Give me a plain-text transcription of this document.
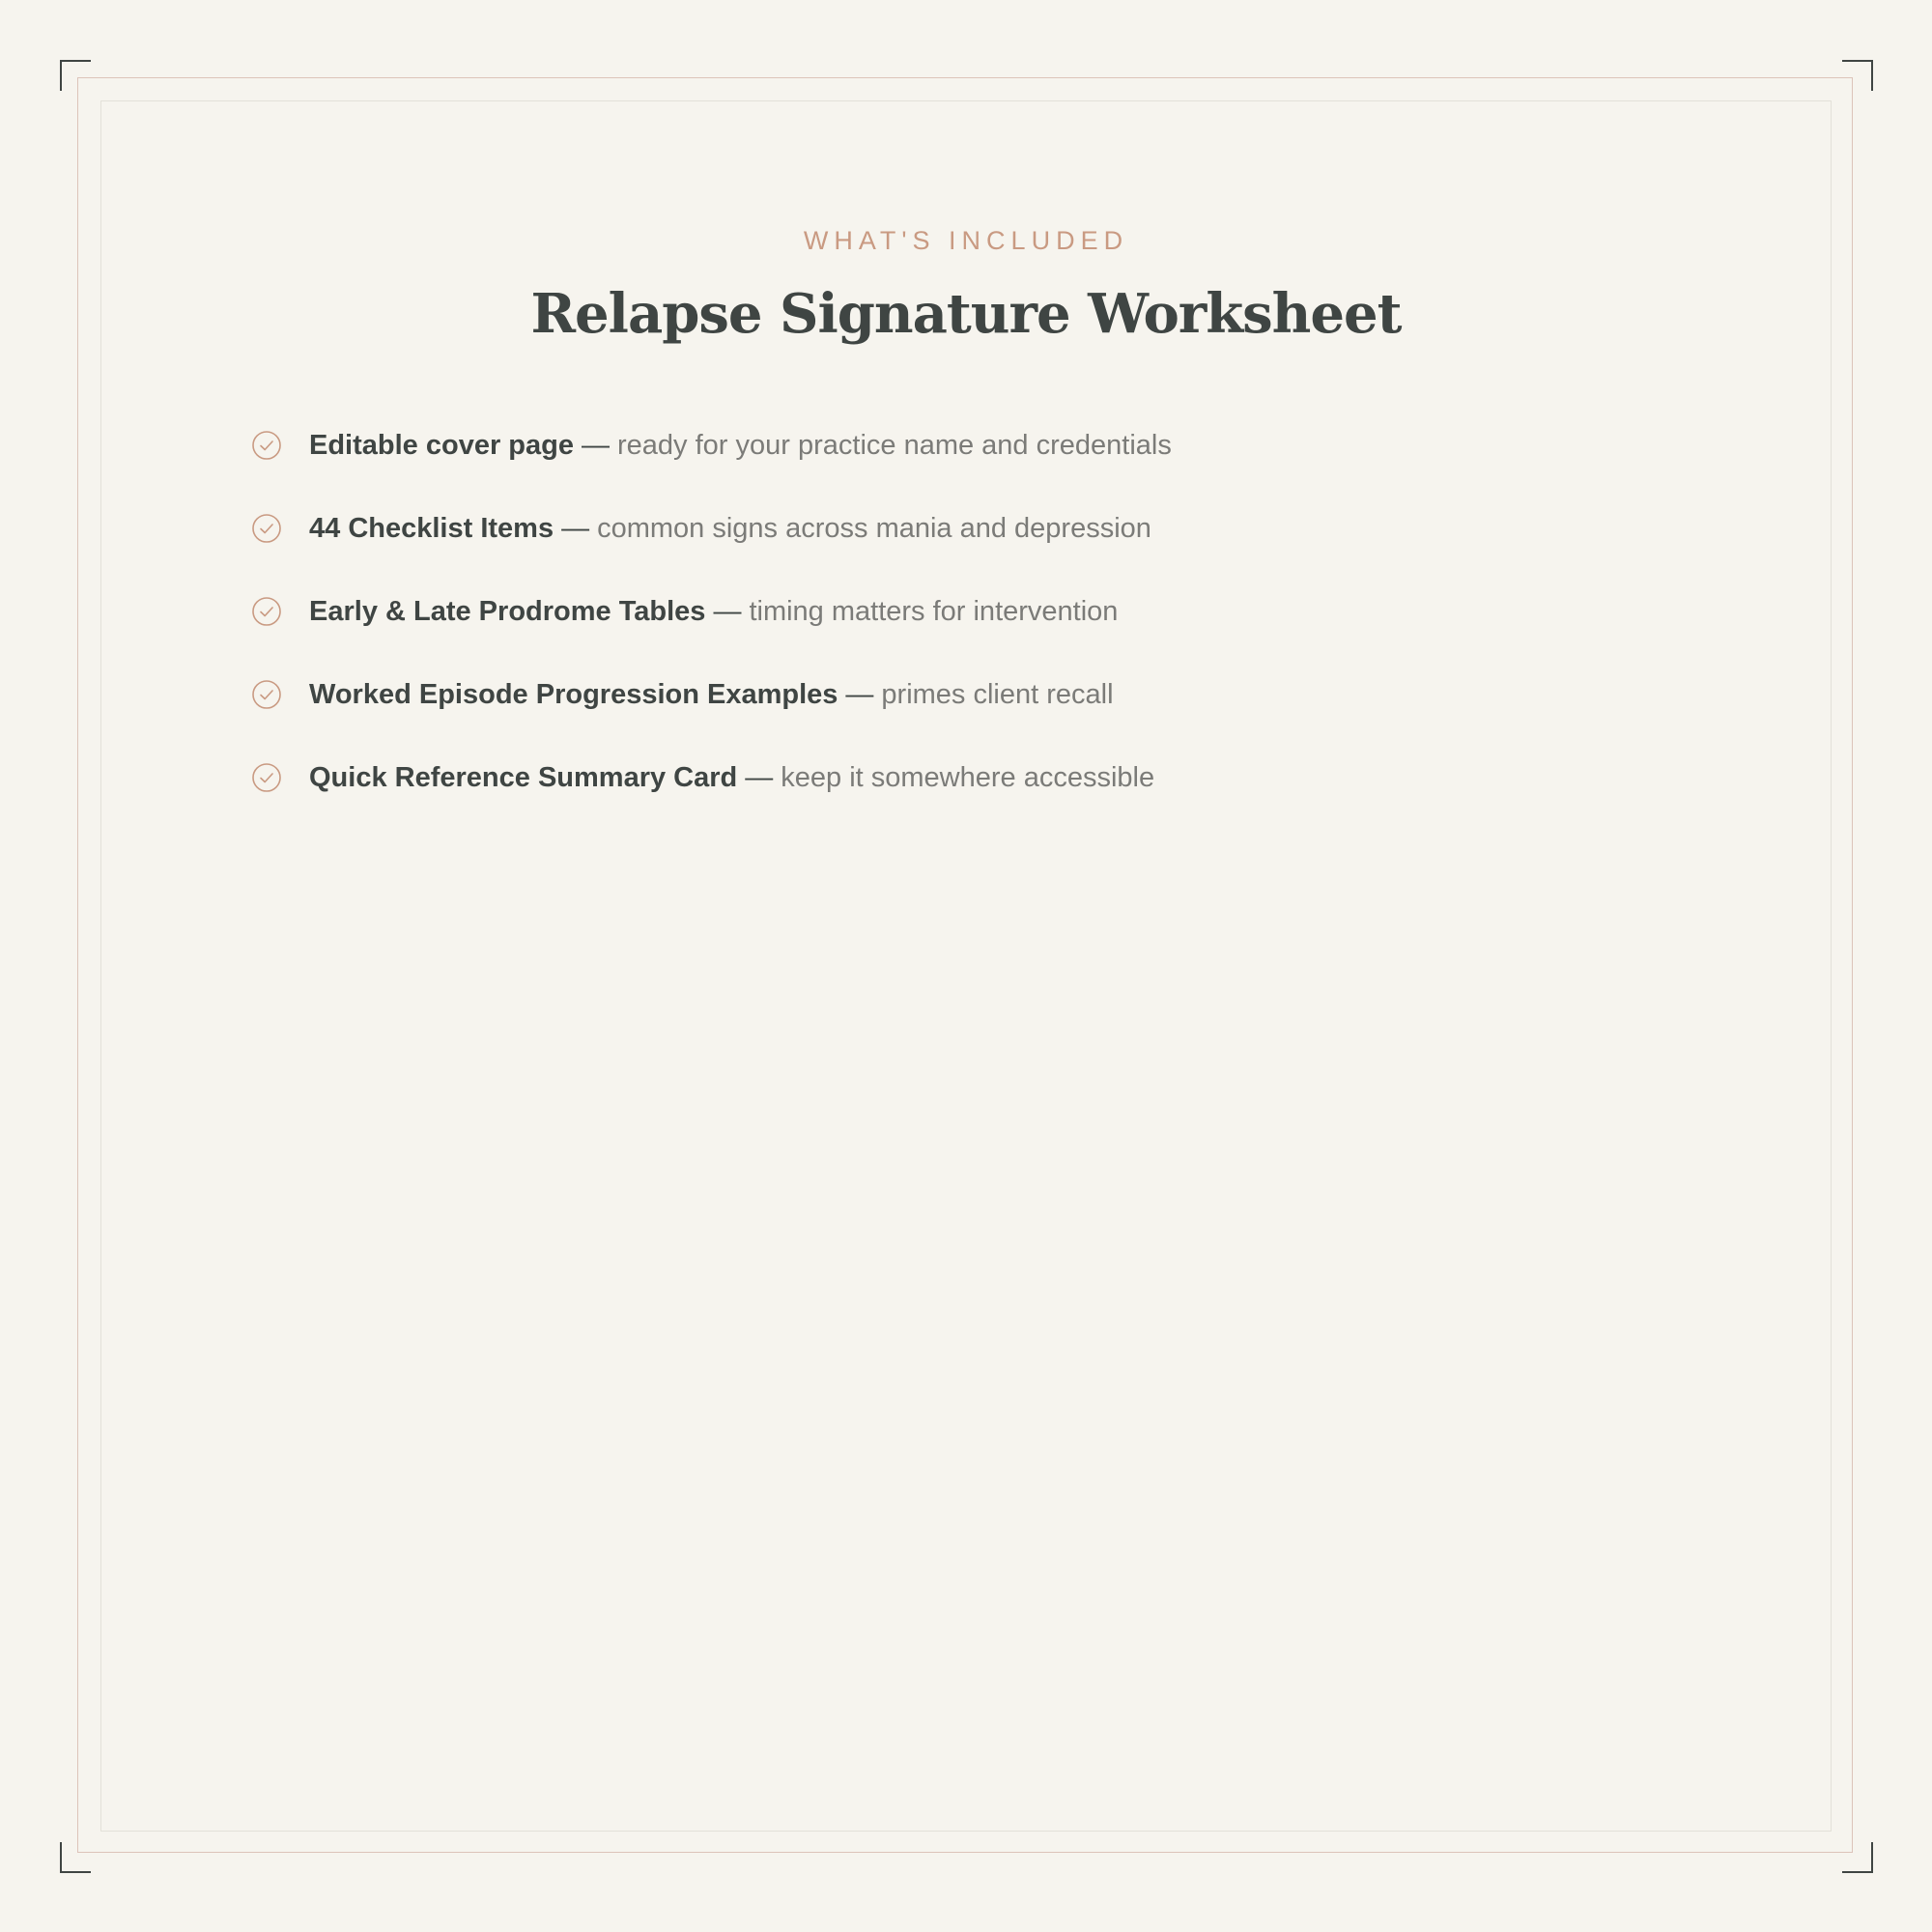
WHAT'S INCLUDED
Relapse Signature Worksheet
Editable cover page — ready for your practice name and credentials
44 Checklist Items — common signs across mania and depression
Early & Late Prodrome Tables — timing matters for intervention
Worked Episode Progression Examples — primes client recall
Quick Reference Summary Card — keep it somewhere accessible
